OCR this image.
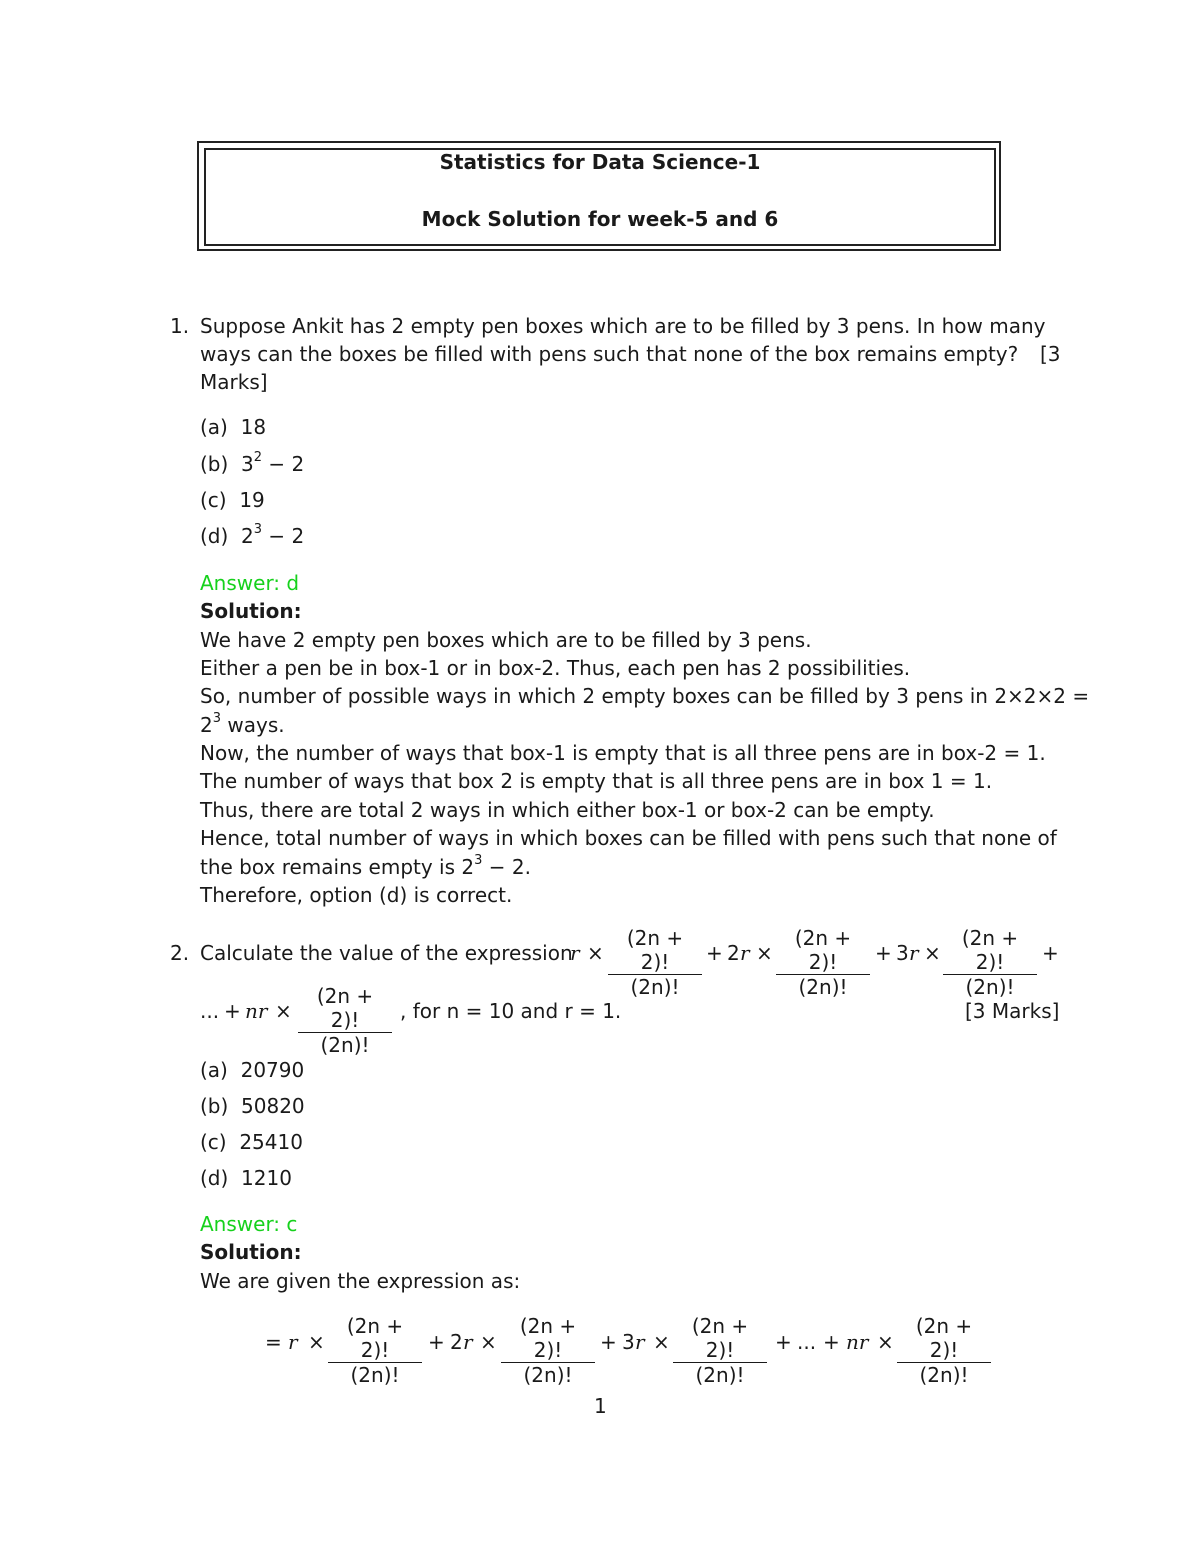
Statistics for Data Science-1
Mock Solution for week-5 and 6
1. Suppose Ankit has 2 empty pen boxes which are to be filled by 3 pens. In how many
ways can the boxes be filled with pens such that none of the box remains empty? [3
Marks]
(a) 18
(b) $3^2 - 2$
(c) 19
(d) $2^3 - 2$
Answer: d
Solution:
We have 2 empty pen boxes which are to be filled by 3 pens.
Either a pen be in box-1 or in box-2. Thus, each pen has 2 possibilities.
So, number of possible ways in which 2 empty boxes can be filled by 3 pens in 2×2×2 =
$2^3$ ways.
Now, the number of ways that box-1 is empty that is all three pens are in box-2 = 1.
The number of ways that box 2 is empty that is all three pens are in box 1 = 1.
Thus, there are total 2 ways in which either box-1 or box-2 can be empty.
Hence, total number of ways in which boxes can be filled with pens such that none of
the box remains empty is $2^3 - 2$.
Therefore, option (d) is correct.
2. Calculate the value of the expression
$r \times \frac{(2n + 2)!}{(2n)!} + 2$ $r \times \frac{(2n + 2)!}{(2n)!} + 3$ $r \times \frac{(2n + 2)!}{(2n)!}$ +
... + nr × $\frac{(2n + 2)!}{(2n)!}$ , for n = 10 and r = 1.	[3 Marks]
(a) 20790
(b) 50820
(c) 25410
(d) 1210
Answer: c
Solution:
We are given the expression as:
= $r \times \frac{(2n + 2)!}{(2n)!} + 2$ $r \times \frac{(2n + 2)!}{(2n)!} + 3$ $r \times \frac{(2n + 2)!}{(2n)!}$ + ... + nr × $\frac{(2n + 2)!}{(2n)!}$
1
